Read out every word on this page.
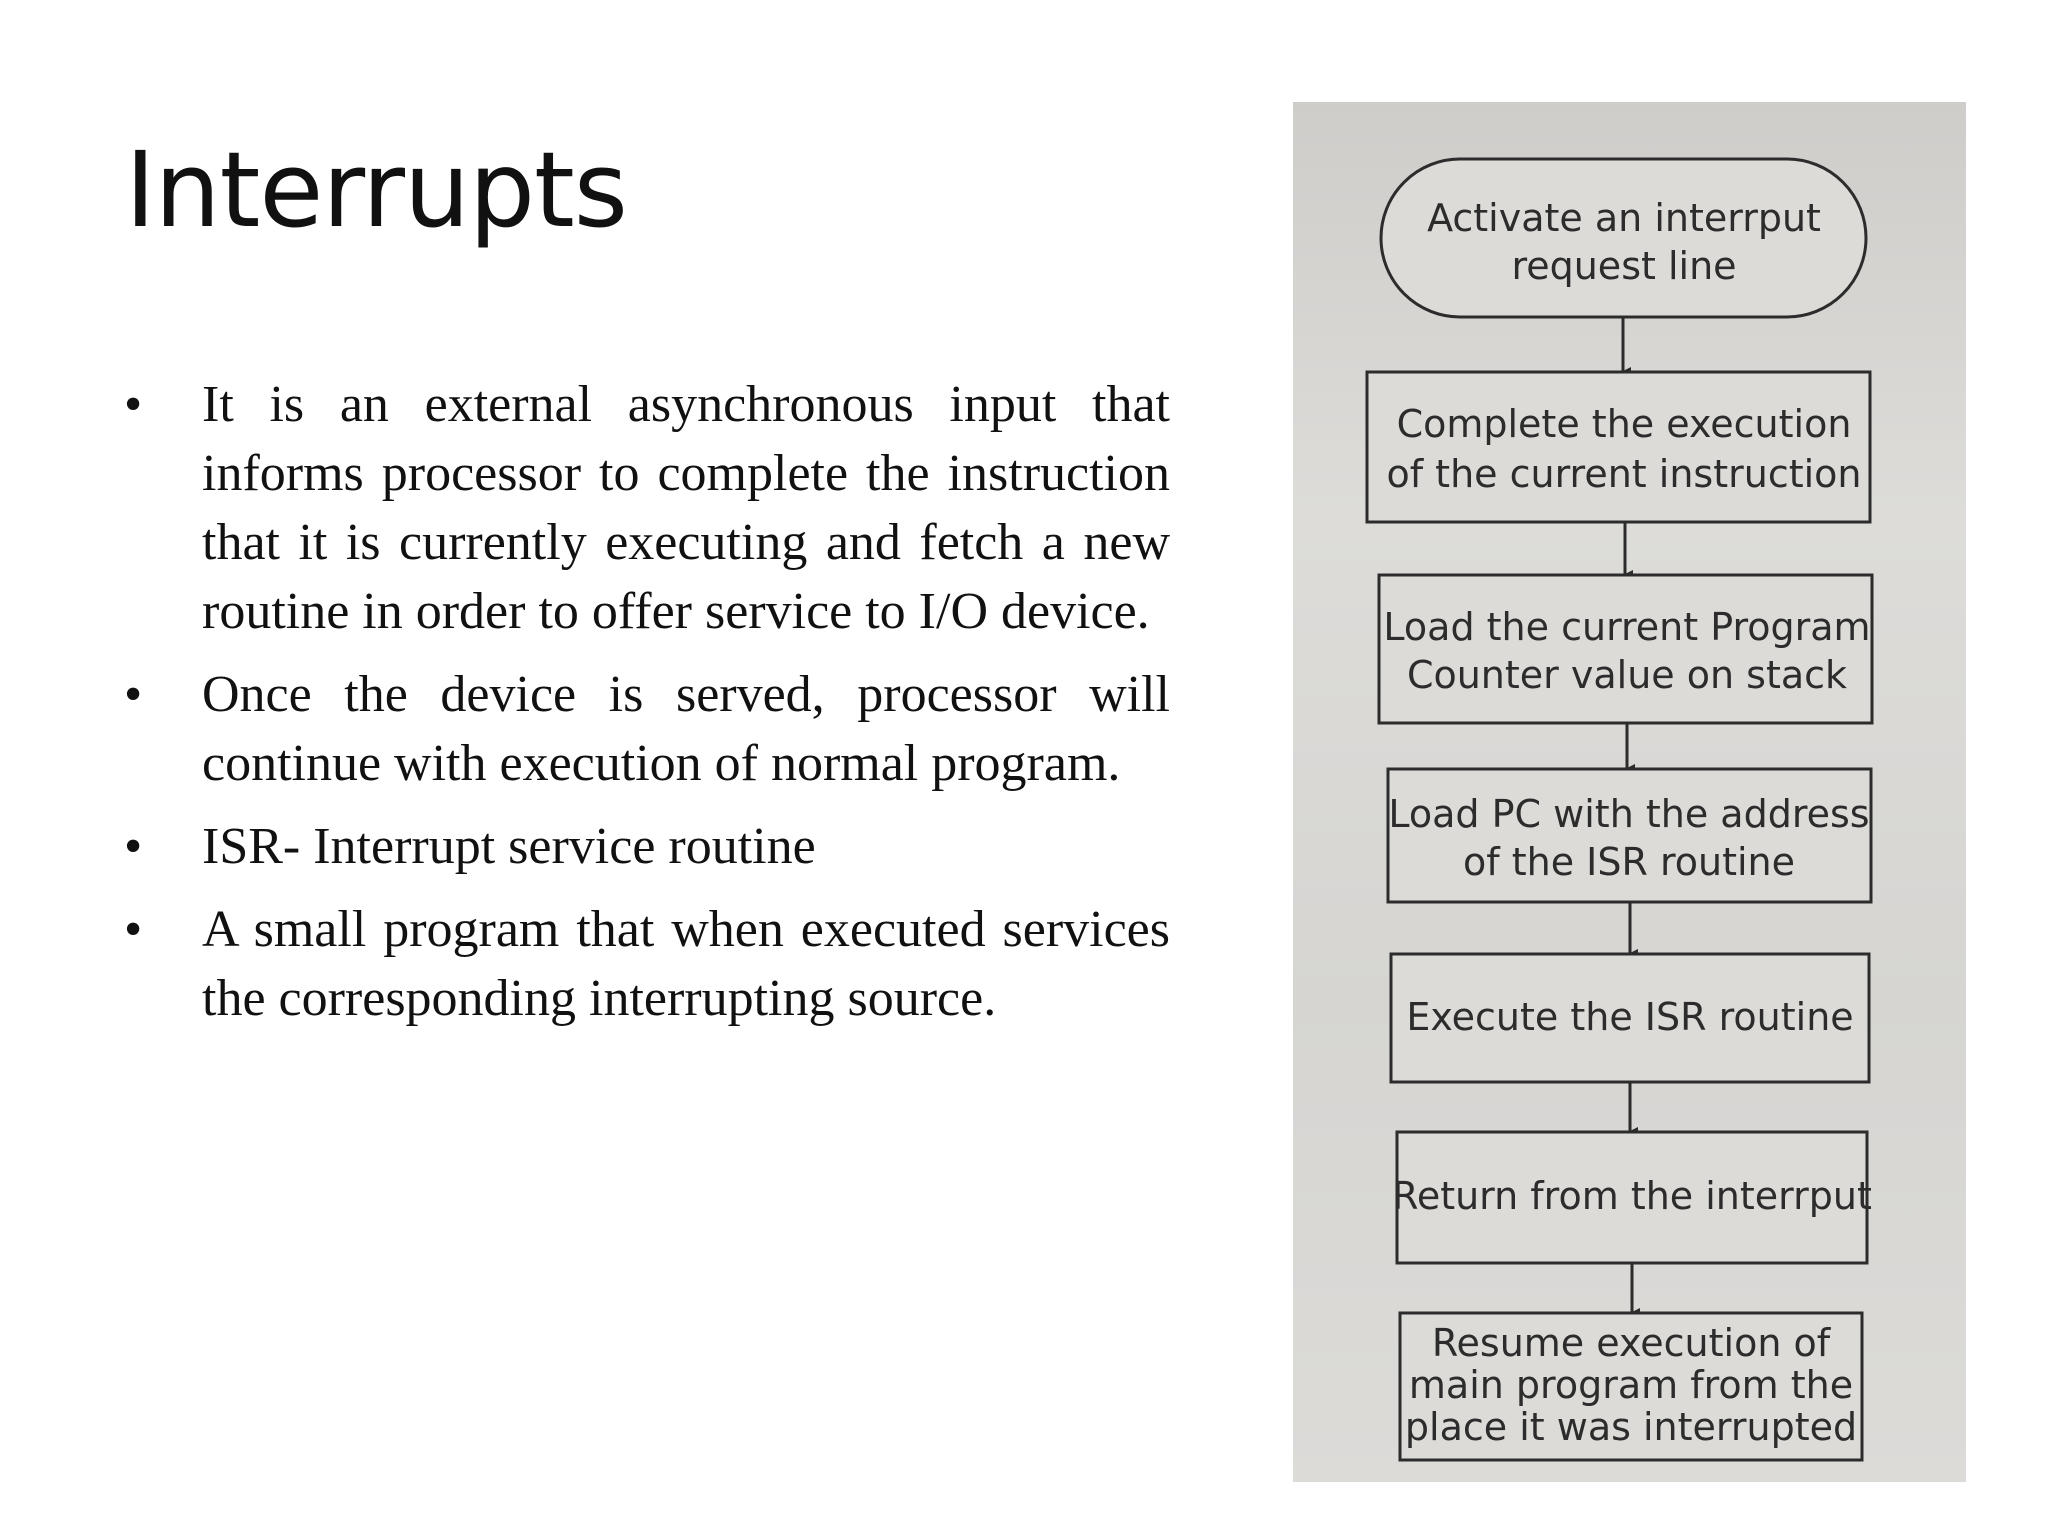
Interrupts
• It is an external asynchronous input that informs processor to complete the instruction that it is currently executing and fetch a new routine in order to offer service to I/O device.
• Once the device is served, processor will continue with execution of normal program.
• ISR- Interrupt service routine
• A small program that when executed services the corresponding interrupting source.
Activate an interrput
request line
Complete the execution
of the current instruction
Load the current Program
Counter value on stack
Load PC with the address
of the ISR routine
Execute the ISR routine
Return from the interrput
Resume execution of
main program from the
place it was interrupted
